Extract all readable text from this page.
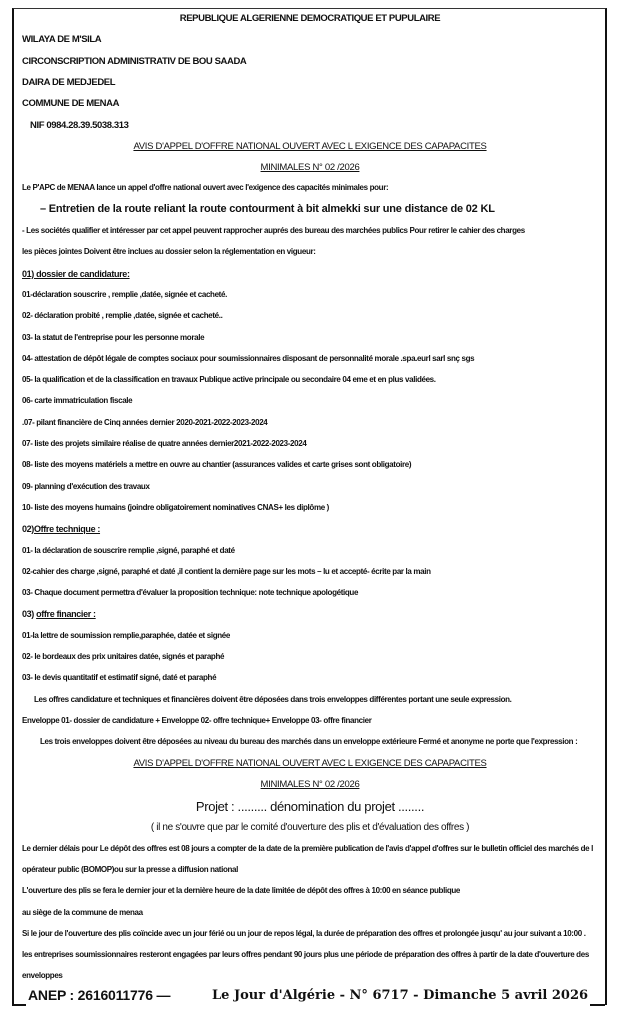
REPUBLIQUE ALGERIENNE DEMOCRATIQUE ET PUPULAIRE
WILAYA DE M'SILA
CIRCONSCRIPTION ADMINISTRATIV DE BOU SAADA
DAIRA DE MEDJEDEL
COMMUNE DE MENAA
NIF 0984.28.39.5038.313
AVIS D'APPEL D'OFFRE NATIONAL OUVERT AVEC L EXIGENCE DES CAPAPACITES
MINIMALES N° 02 /2026
Le P'APC de MENAA lance un appel d'offre national ouvert avec l'exigence des capacités minimales pour:
– Entretien de la route reliant la route contourment à bit almekki sur une distance de 02 KL
- Les sociétés qualifier et intéresser par cet appel peuvent rapprocher auprés des bureau des marchées publics Pour retirer le cahier des charges
les pièces jointes Doivent être inclues au dossier selon la réglementation en vigueur:
01) dossier de candidature:
01-déclaration souscrire , remplie ,datée, signée et cacheté.
02- déclaration probité , remplie ,datée, signée et cacheté..
03- la statut de l'entreprise pour les personne morale
04- attestation de dépôt légale de comptes sociaux pour soumissionnaires disposant de personnalité morale .spa.eurl sarl snç sgs
05- la qualification et de la classification en travaux Publique active principale ou secondaire 04 eme et en plus validées.
06- carte immatriculation fiscale
.07- pilant financière de Cinq années dernier 2020-2021-2022-2023-2024
07- liste des projets similaire réalise de quatre années dernier2021-2022-2023-2024
08- liste des moyens matériels a mettre en ouvre au chantier (assurances valides et carte grises sont obligatoire)
09- planning d'exécution des travaux
10- liste des moyens humains (joindre obligatoirement nominatives CNAS+ les diplôme )
02)Offre technique :
01- la déclaration de souscrire remplie ,signé, paraphé et daté
02-cahier des charge ,signé, paraphé et daté ,il contient la dernière page sur les mots – lu et accepté- écrite par la main
03- Chaque document permettra d'évaluer la proposition technique: note technique apologétique
03) offre financier :
01-la lettre de soumission remplie,paraphée, datée et signée
02- le bordeaux des prix unitaires datée, signés et paraphé
03- le devis quantitatif et estimatif signé, daté et paraphé
Les offres candidature et techniques et financières doivent être déposées dans trois enveloppes différentes portant une seule expression.
Enveloppe 01- dossier de candidature + Enveloppe 02- offre technique+ Enveloppe 03- offre financier
Les trois enveloppes doivent être déposées au niveau du bureau des marchés dans un enveloppe extérieure Fermé et anonyme ne porte que l'expression :
AVIS D'APPEL D'OFFRE NATIONAL OUVERT AVEC L EXIGENCE DES CAPAPACITES
MINIMALES N° 02 /2026
Projet : ......... dénomination du projet ........
( il ne s'ouvre que par le comité d'ouverture des plis et d'évaluation des offres )
Le dernier délais pour Le dépôt des offres est 08 jours a compter de la date de la première publication de l'avis d'appel d'offres sur le bulletin officiel des marchés de l
opérateur public (BOMOP)ou sur la presse a diffusion national
L'ouverture des plis se fera le dernier jour et la dernière heure de la date limitée de dépôt des offres à 10:00 en séance publique
au siège de la commune de menaa
Si le jour de l'ouverture des plis coïncide avec un jour férié ou un jour de repos légal, la durée de préparation des offres et prolongée jusqu' au jour suivant a 10:00 .
les entreprises soumissionnaires resteront engagées par leurs offres pendant 90 jours plus une période de préparation des offres à partir de la date d'ouverture des
enveloppes
ANEP : 2616011776 —	Le Jour d'Algérie - N° 6717 - Dimanche 5 avril 2026
